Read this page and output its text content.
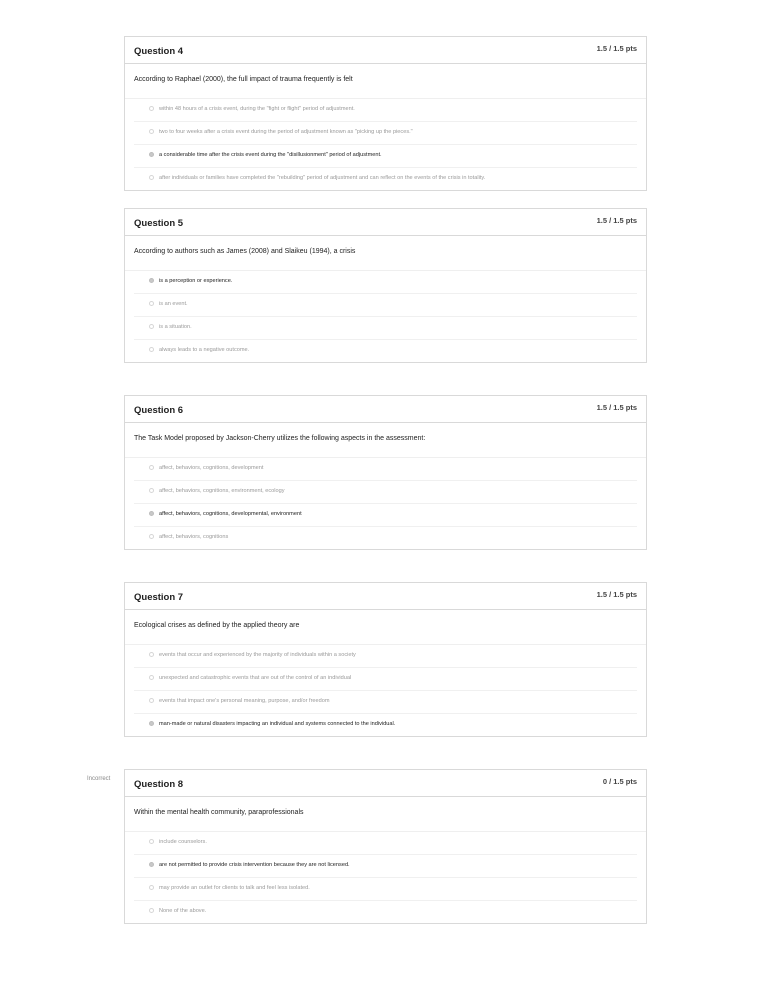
Incorrect
Question 4	1.5 / 1.5 pts
According to Raphael (2000), the full impact of trauma frequently is felt
within 48 hours of a crisis event, during the "fight or flight" period of adjustment.
two to four weeks after a crisis event during the period of adjustment known as "picking up the pieces."
a considerable time after the crisis event during the "disillusionment" period of adjustment.
after individuals or families have completed the "rebuilding" period of adjustment and can reflect on the events of the crisis in totality.
Question 5	1.5 / 1.5 pts
According to authors such as James (2008) and Slaikeu (1994), a crisis
is a perception or experience.
is an event.
is a situation.
always leads to a negative outcome.
Question 6	1.5 / 1.5 pts
The Task Model proposed by Jackson-Cherry utilizes the following aspects in the assessment:
affect, behaviors, cognitions, development
affect, behaviors, cognitions, environment, ecology
affect, behaviors, cognitions, developmental, environment
affect, behaviors, cognitions
Question 7	1.5 / 1.5 pts
Ecological crises as defined by the applied theory are
events that occur and experienced by the majority of individuals within a society
unexpected and catastrophic events that are out of the control of an individual
events that impact one's personal meaning, purpose, and/or freedom
man-made or natural disasters impacting an individual and systems connected to the individual.
Question 8	0 / 1.5 pts
Within the mental health community, paraprofessionals
include counselors.
are not permitted to provide crisis intervention because they are not licensed.
may provide an outlet for clients to talk and feel less isolated.
None of the above.
